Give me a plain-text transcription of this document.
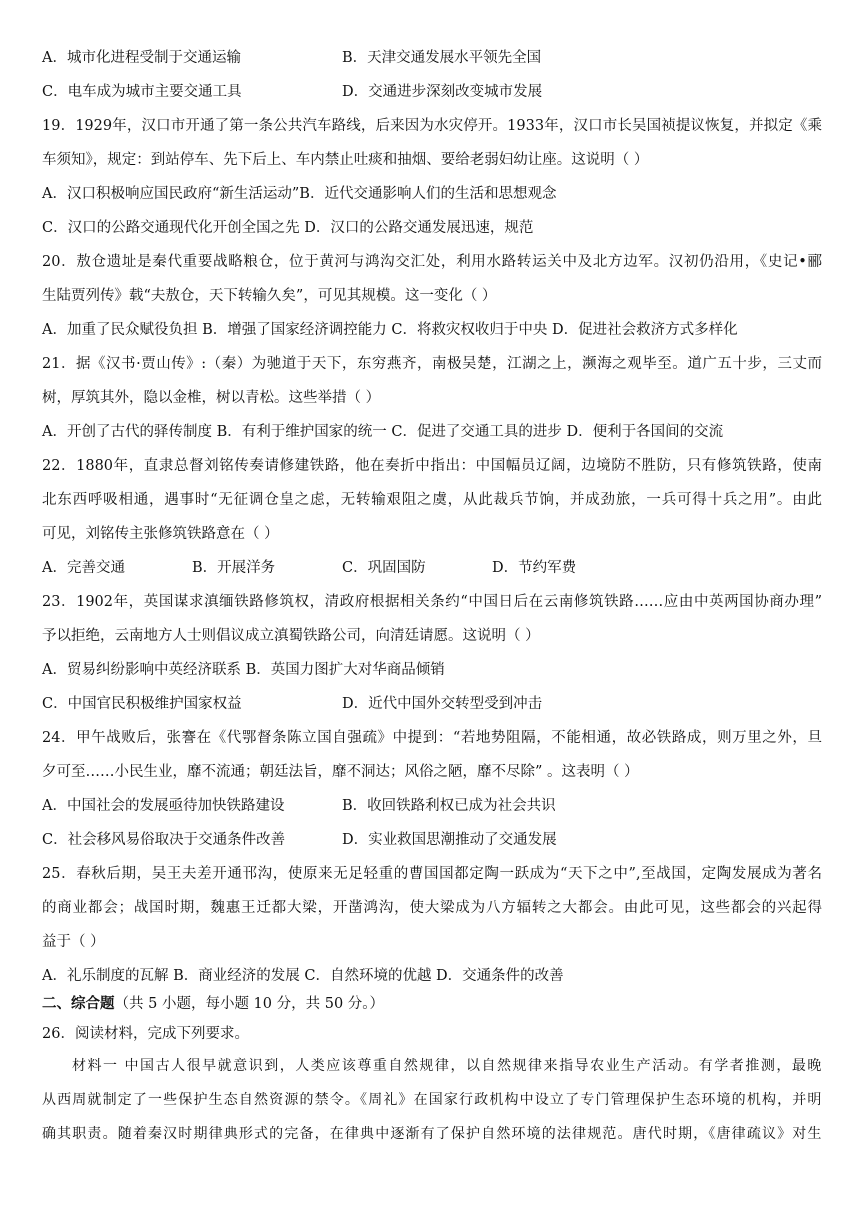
A．城市化进程受制于交通运输	B．天津交通发展水平领先全国
C．电车成为城市主要交通工具	D．交通进步深刻改变城市发展
19．1929年，汉口市开通了第一条公共汽车路线，后来因为水灾停开。1933年，汉口市长吴国祯提议恢复，并拟定《乘
车须知》，规定：到站停车、先下后上、车内禁止吐痰和抽烟、要给老弱妇幼让座。这说明（ ）
A．汉口积极响应国民政府“新生活运动”B．近代交通影响人们的生活和思想观念
C．汉口的公路交通现代化开创全国之先 D．汉口的公路交通发展迅速，规范
20．敖仓遗址是秦代重要战略粮仓，位于黄河与鸿沟交汇处，利用水路转运关中及北方边军。汉初仍沿用，《史记•郦
生陆贾列传》载“夫敖仓，天下转输久矣”，可见其规模。这一变化（ ）
A．加重了民众赋役负担 B．增强了国家经济调控能力 C．将救灾权收归于中央 D．促进社会救济方式多样化
21．据《汉书·贾山传》:（秦）为驰道于天下，东穷燕齐，南极吴楚，江湖之上，濒海之观毕至。道广五十步，三丈而
树，厚筑其外，隐以金椎，树以青松。这些举措（ ）
A．开创了古代的驿传制度 B．有利于维护国家的统一 C．促进了交通工具的进步 D．便利于各国间的交流
22．1880年，直隶总督刘铭传奏请修建铁路，他在奏折中指出：中国幅员辽阔，边境防不胜防，只有修筑铁路，使南
北东西呼吸相通，遇事时“无征调仓皇之虑，无转输艰阻之虞，从此裁兵节饷，并成劲旅，一兵可得十兵之用”。由此
可见，刘铭传主张修筑铁路意在（ ）
A．完善交通	B．开展洋务	C．巩固国防	D．节约军费
23．1902年，英国谋求滇缅铁路修筑权，清政府根据相关条约“中国日后在云南修筑铁路……应由中英两国协商办理”
予以拒绝，云南地方人士则倡议成立滇蜀铁路公司，向清廷请愿。这说明（ ）
A．贸易纠纷影响中英经济联系 B．英国力图扩大对华商品倾销
C．中国官民积极维护国家权益	D．近代中国外交转型受到冲击
24．甲午战败后，张謇在《代鄂督条陈立国自强疏》中提到：“若地势阻隔，不能相通，故必铁路成，则万里之外，旦
夕可至……小民生业，靡不流通；朝廷法旨，靡不洞达；风俗之陋，靡不尽除” 。这表明（ ）
A．中国社会的发展亟待加快铁路建设	B．收回铁路利权已成为社会共识
C．社会移风易俗取决于交通条件改善	D．实业救国思潮推动了交通发展
25．春秋后期，吴王夫差开通邗沟，使原来无足轻重的曹国国都定陶一跃成为“天下之中”,至战国，定陶发展成为著名
的商业都会；战国时期，魏惠王迁都大梁，开凿鸿沟，使大梁成为八方辐转之大都会。由此可见，这些都会的兴起得
益于（ ）
A．礼乐制度的瓦解 B．商业经济的发展 C．自然环境的优越 D．交通条件的改善
二、综合题（共 5 小题，每小题 10 分，共 50 分。）
26．阅读材料，完成下列要求。
材料一 中国古人很早就意识到，人类应该尊重自然规律，以自然规律来指导农业生产活动。有学者推测，最晚
从西周就制定了一些保护生态自然资源的禁令。《周礼》在国家行政机构中设立了专门管理保护生态环境的机构，并明
确其职责。随着秦汉时期律典形式的完备，在律典中逐渐有了保护自然环境的法律规范。唐代时期，《唐律疏议》对生
